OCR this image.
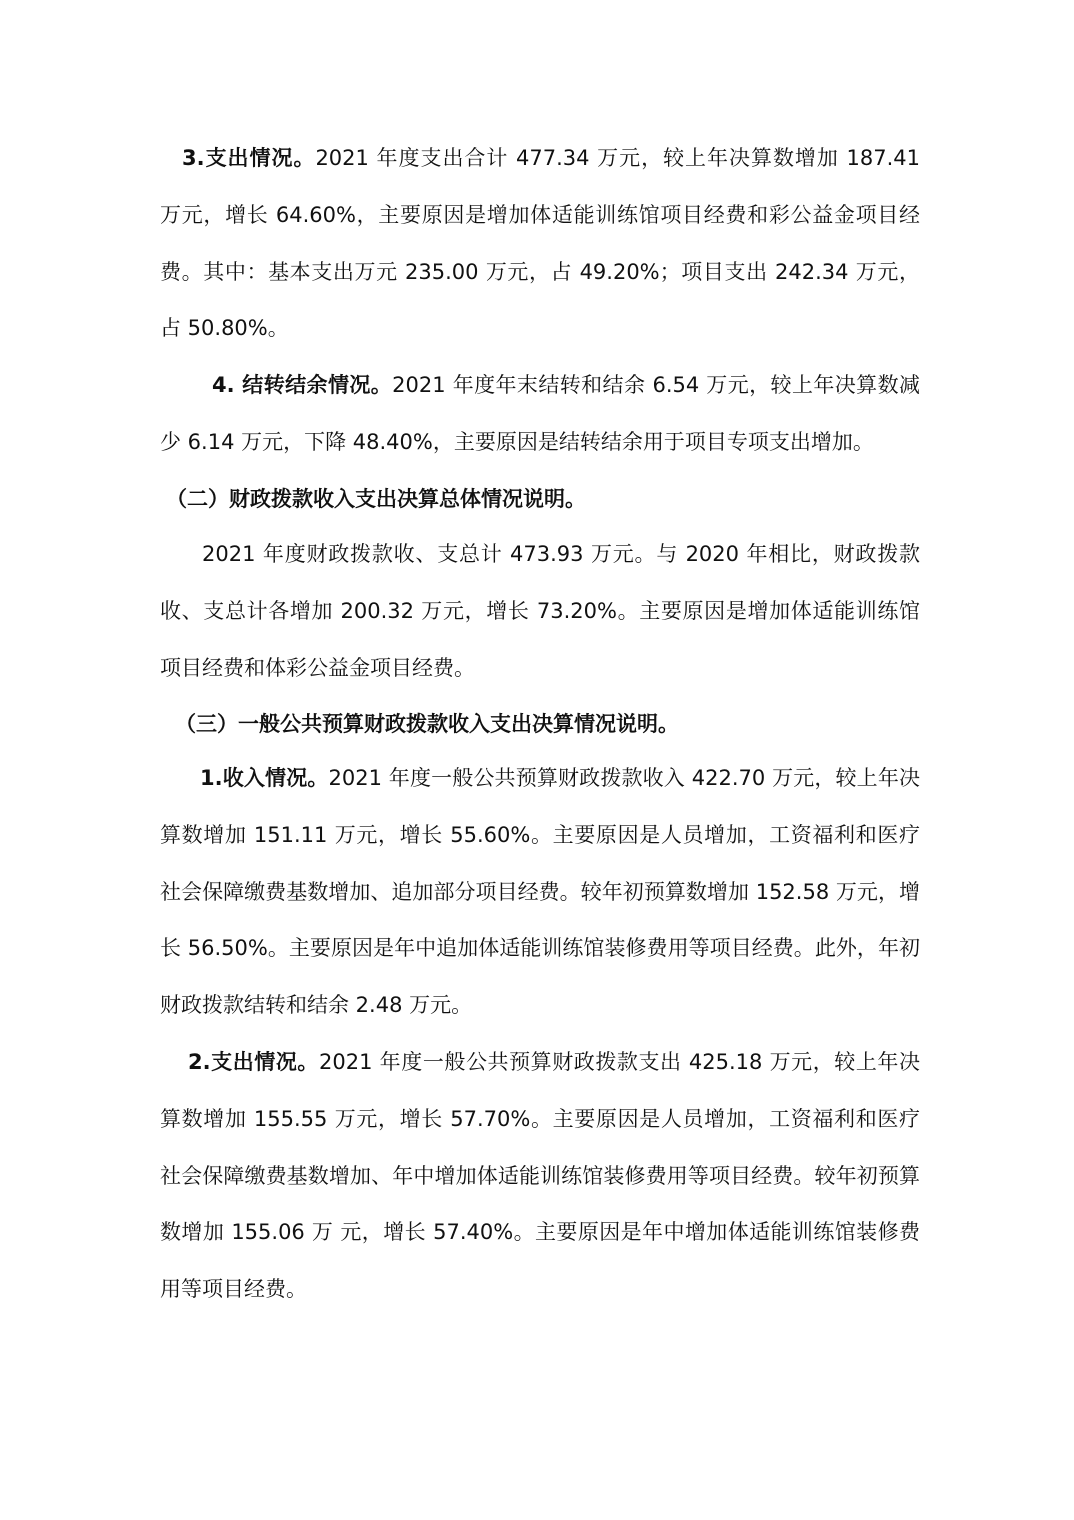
3.支出情况。2021 年度支出合计 477.34 万元，较上年决算数增加 187.41 万元，增长 64.60%，主要原因是增加体适能训练馆项目经费和彩公益金项目经费。其中：基本支出万元 235.00 万元，占 49.20%；项目支出 242.34 万元，占 50.80%。

4. 结转结余情况。2021 年度年末结转和结余 6.54 万元，较上年决算数减少 6.14 万元，下降 48.40%，主要原因是结转结余用于项目专项支出增加。

（二）财政拨款收入支出决算总体情况说明。

2021 年度财政拨款收、支总计 473.93 万元。与 2020 年相比，财政拨款收、支总计各增加 200.32 万元，增长 73.20%。主要原因是增加体适能训练馆项目经费和体彩公益金项目经费。

（三）一般公共预算财政拨款收入支出决算情况说明。

1.收入情况。2021 年度一般公共预算财政拨款收入 422.70 万元，较上年决算数增加 151.11 万元，增长 55.60%。主要原因是人员增加，工资福利和医疗社会保障缴费基数增加、追加部分项目经费。较年初预算数增加 152.58 万元，增长 56.50%。主要原因是年中追加体适能训练馆装修费用等项目经费。此外，年初财政拨款结转和结余 2.48 万元。

2.支出情况。2021 年度一般公共预算财政拨款支出 425.18 万元，较上年决算数增加 155.55 万元，增长 57.70%。主要原因是人员增加，工资福利和医疗社会保障缴费基数增加、年中增加体适能训练馆装修费用等项目经费。较年初预算数增加 155.06 万 元，增长 57.40%。主要原因是年中增加体适能训练馆装修费用等项目经费。
